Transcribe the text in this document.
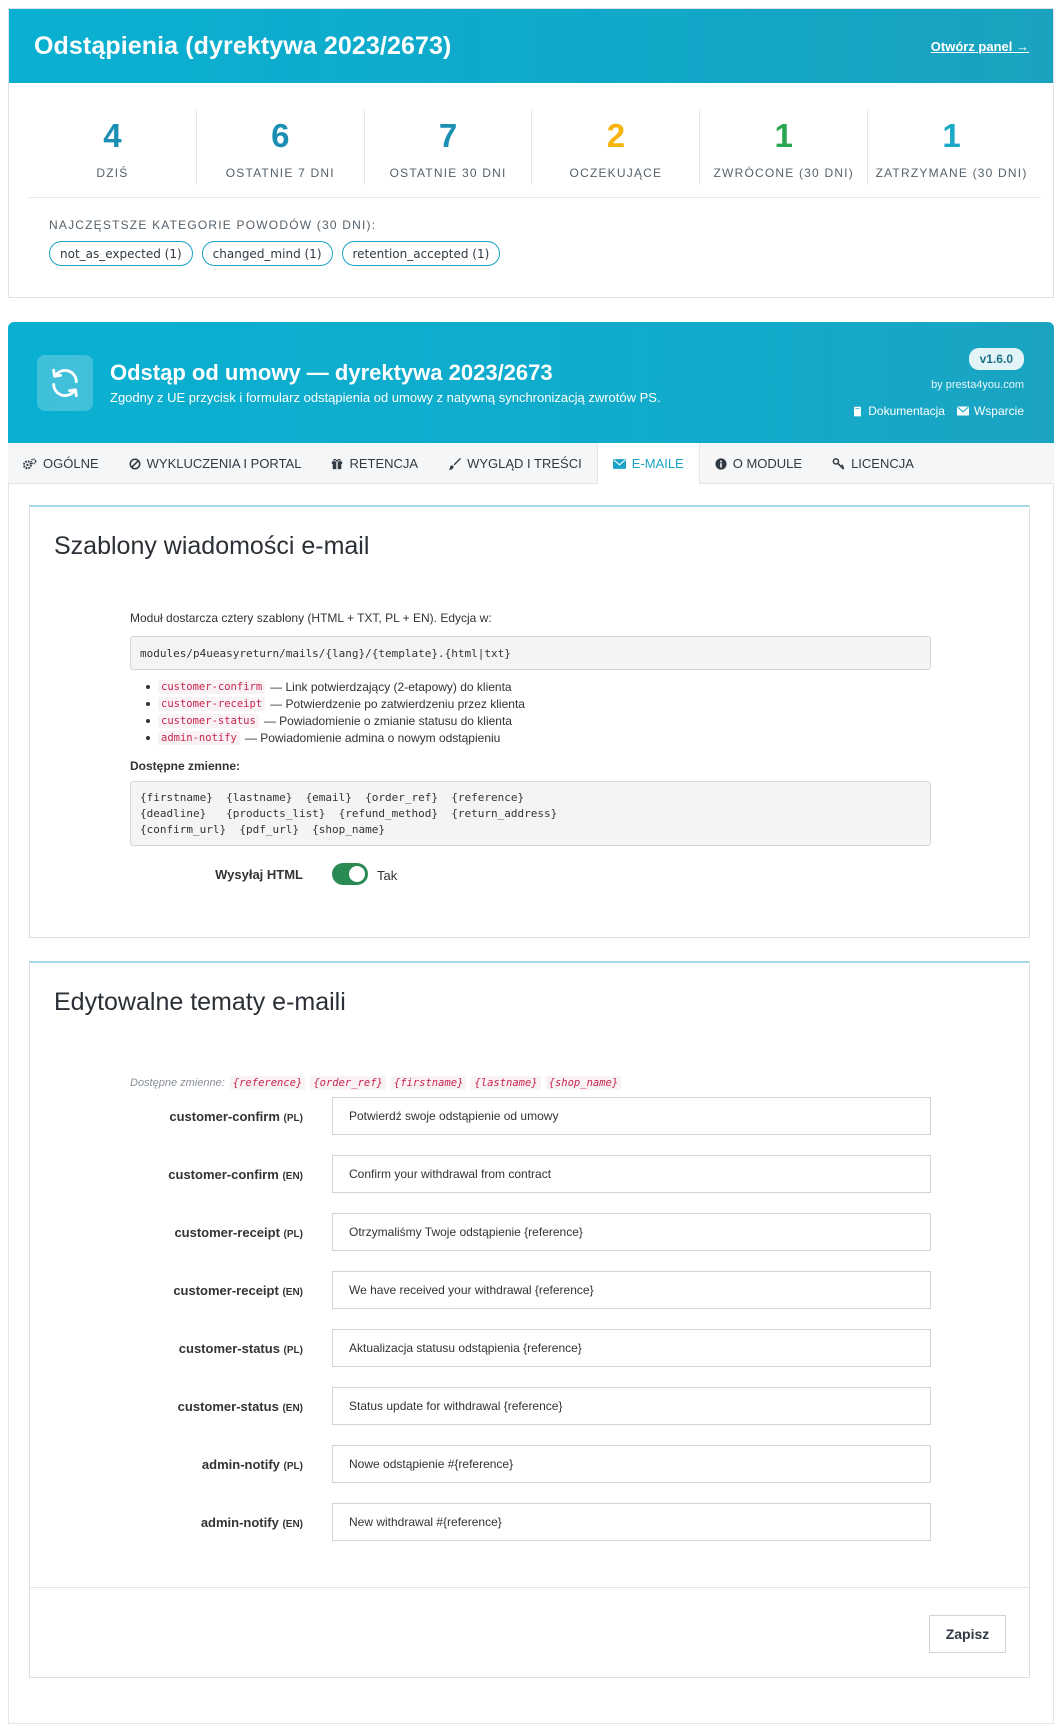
Odstąpienia (dyrektywa 2023/2673)	Otwórz panel →
4
DZIŚ
6
OSTATNIE 7 DNI
7
OSTATNIE 30 DNI
2
OCZEKUJĄCE
1
ZWRÓCONE (30 DNI)
1
ZATRZYMANE (30 DNI)
NAJCZĘSTSZE KATEGORIE POWODÓW (30 DNI):
not_as_expected (1)	changed_mind (1)	retention_accepted (1)
Odstąp od umowy — dyrektywa 2023/2673
Zgodny z UE przycisk i formularz odstąpienia od umowy z natywną synchronizacją zwrotów PS.
v1.6.0
by presta4you.com
Dokumentacja Wsparcie
OGÓLNE	WYKLUCZENIA I PORTAL	RETENCJA	WYGLĄD I TREŚCI	E-MAILE	O MODULE	LICENCJA
Szablony wiadomości e-mail
Moduł dostarcza cztery szablony (HTML + TXT, PL + EN). Edycja w:
modules/p4ueasyreturn/mails/{lang}/{template}.{html|txt}
customer-confirm — Link potwierdzający (2-etapowy) do klienta
customer-receipt — Potwierdzenie po zatwierdzeniu przez klienta
customer-status — Powiadomienie o zmianie statusu do klienta
admin-notify — Powiadomienie admina o nowym odstąpieniu
Dostępne zmienne:
{firstname}  {lastname}  {email}  {order_ref}  {reference}
{deadline}   {products_list}  {refund_method}  {return_address}
{confirm_url}  {pdf_url}  {shop_name}
Wysyłaj HTML	Tak
Edytowalne tematy e-maili
Dostępne zmienne: {reference} {order_ref} {firstname} {lastname} {shop_name}
customer-confirm (PL)	Potwierdź swoje odstąpienie od umowy
customer-confirm (EN)	Confirm your withdrawal from contract
customer-receipt (PL)	Otrzymaliśmy Twoje odstąpienie {reference}
customer-receipt (EN)	We have received your withdrawal {reference}
customer-status (PL)	Aktualizacja statusu odstąpienia {reference}
customer-status (EN)	Status update for withdrawal {reference}
admin-notify (PL)	Nowe odstąpienie #{reference}
admin-notify (EN)	New withdrawal #{reference}
Zapisz
